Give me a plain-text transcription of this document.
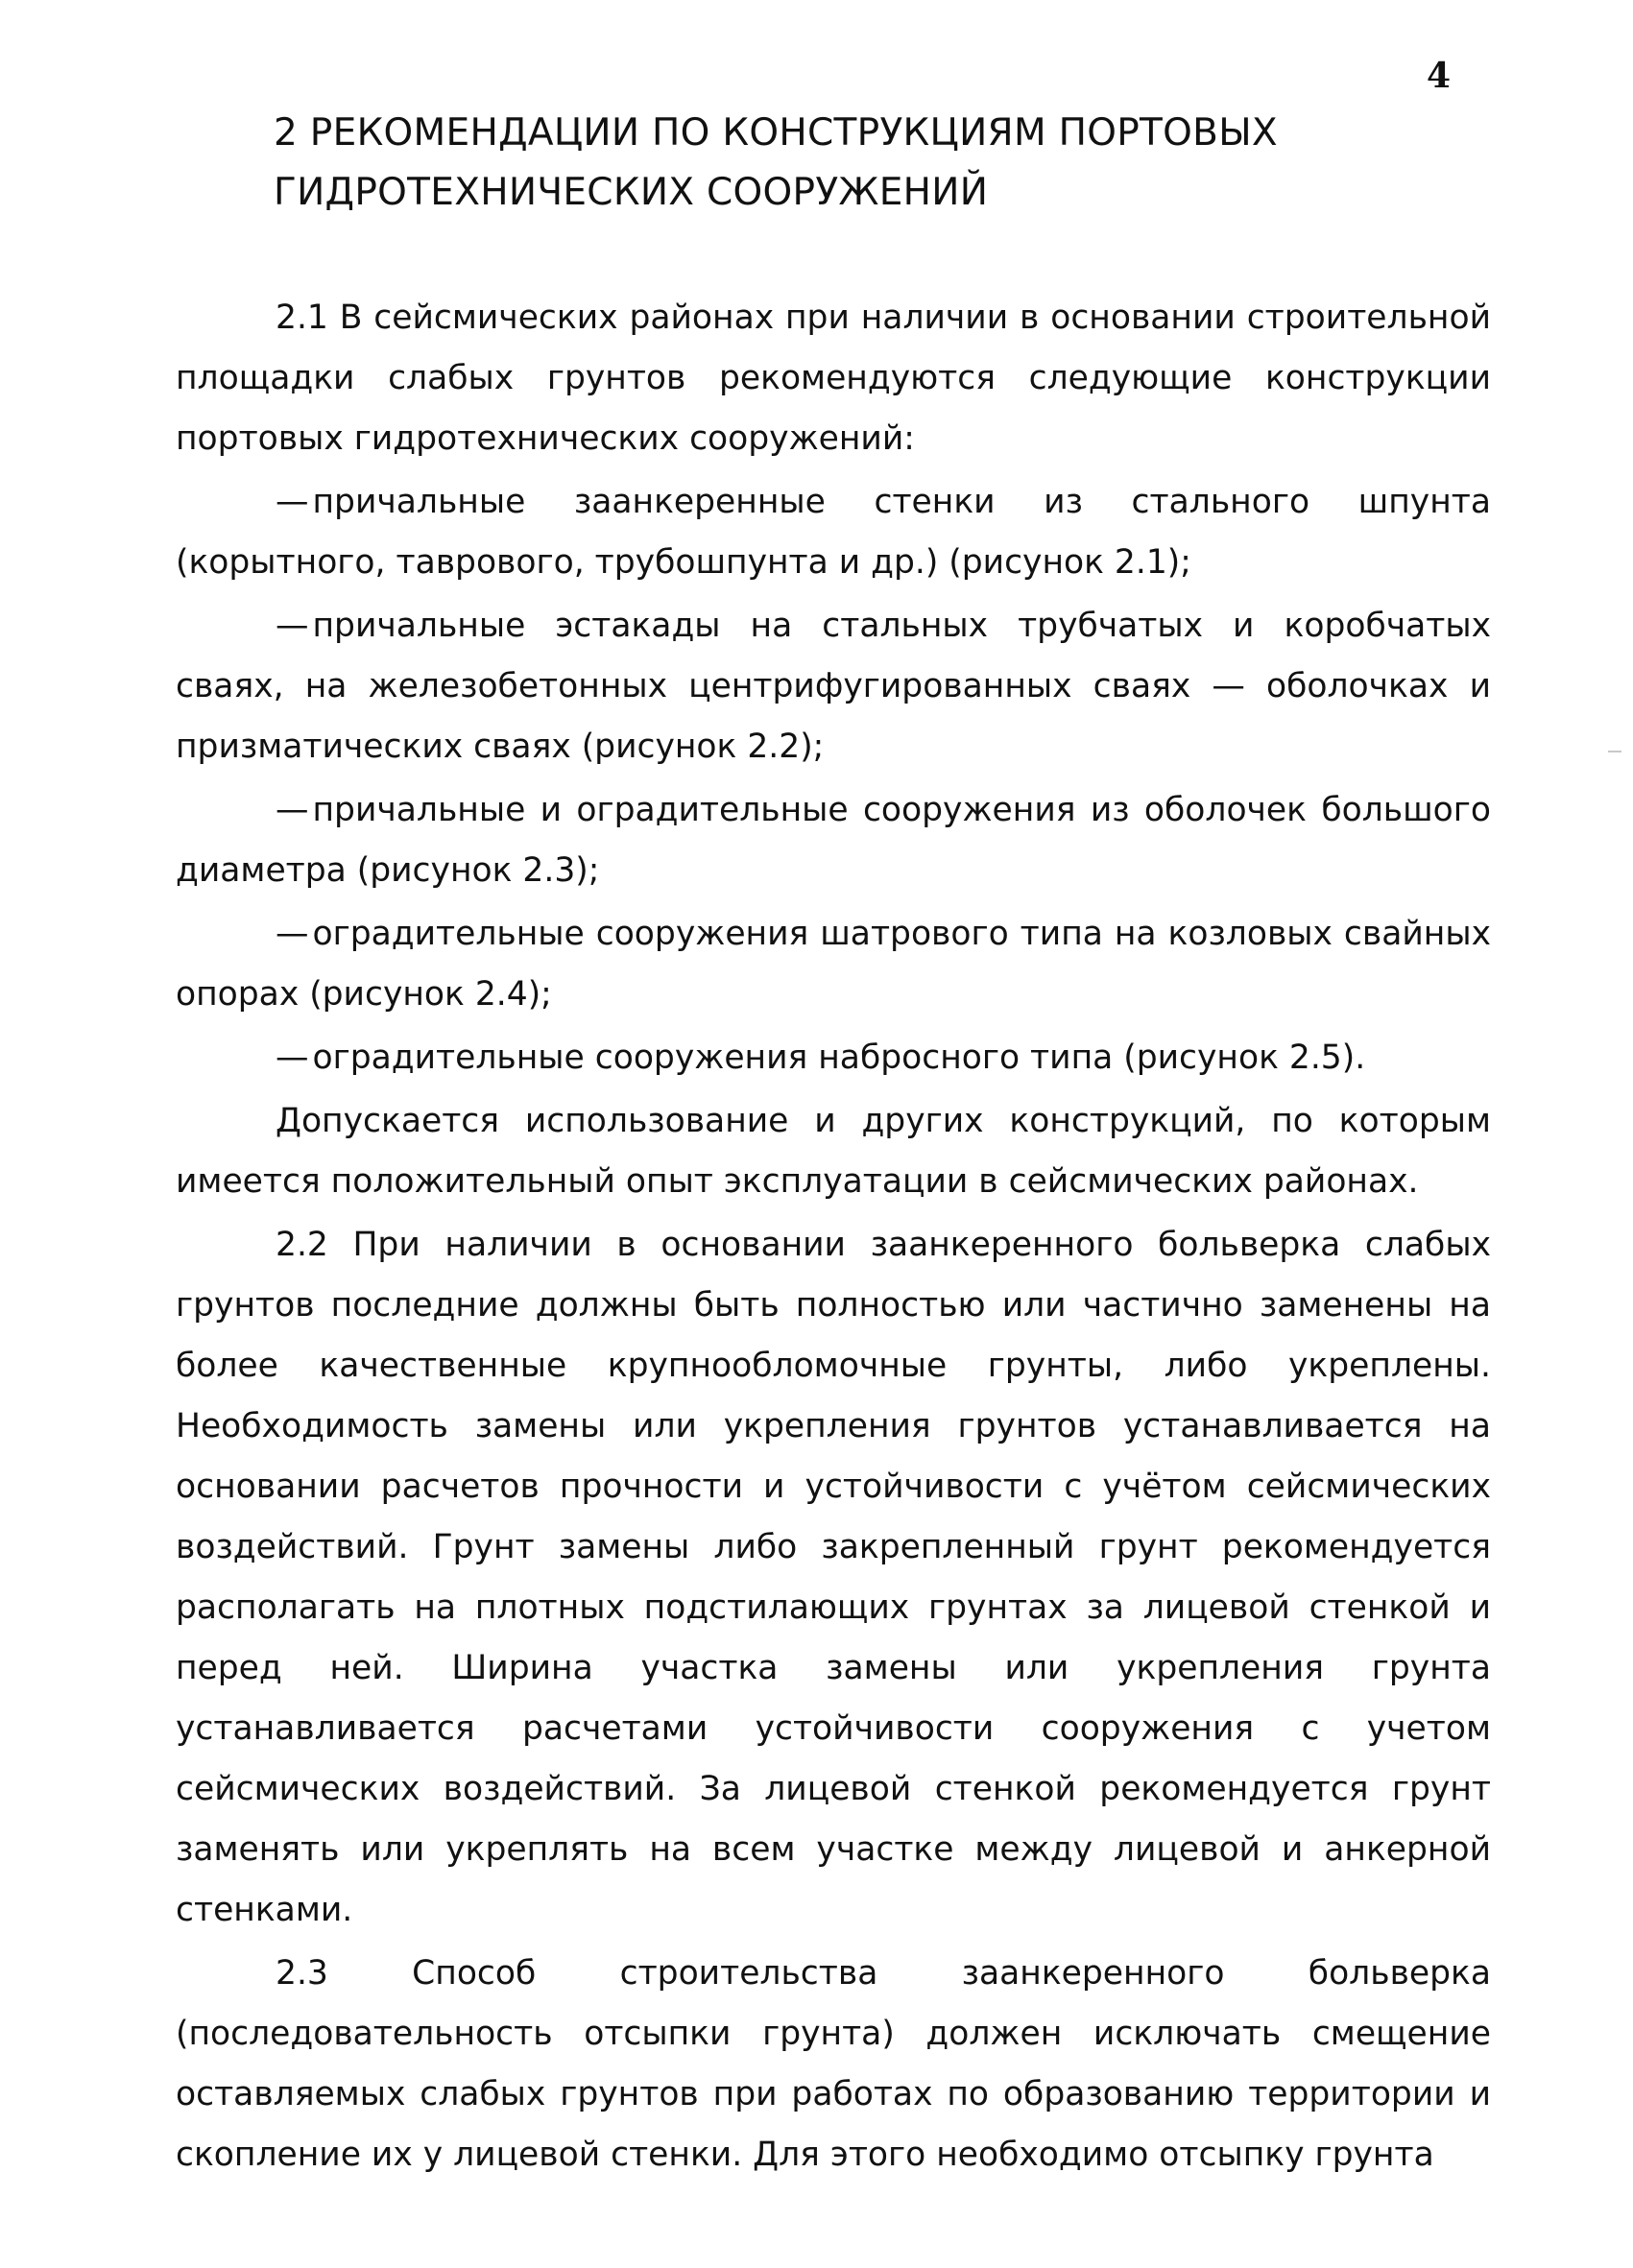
4
2 РЕКОМЕНДАЦИИ ПО КОНСТРУКЦИЯМ ПОРТОВЫХ
ГИДРОТЕХНИЧЕСКИХ СООРУЖЕНИЙ

2.1 В сейсмических районах при наличии в основании строительной площадки слабых грунтов рекомендуются следующие конструкции портовых гидротехнических сооружений:

— причальные заанкеренные стенки из стального шпунта (корытного, таврового, трубошпунта и др.) (рисунок 2.1);

— причальные эстакады на стальных трубчатых и коробчатых сваях, на железобетонных центрифугированных сваях — оболочках и призматических сваях (рисунок 2.2);

— причальные и оградительные сооружения из оболочек большого диаметра (рисунок 2.3);

— оградительные сооружения шатрового типа на козловых свайных опорах (рисунок 2.4);

— оградительные сооружения набросного типа (рисунок 2.5).

Допускается использование и других конструкций, по которым имеется положительный опыт эксплуатации в сейсмических районах.

2.2 При наличии в основании заанкеренного больверка слабых грунтов последние должны быть полностью или частично заменены на более качественные крупнообломочные грунты, либо укреплены. Необходимость замены или укрепления грунтов устанавливается на основании расчетов прочности и устойчивости с учётом сейсмических воздействий. Грунт замены либо закрепленный грунт рекомендуется располагать на плотных подстилающих грунтах за лицевой стенкой и перед ней. Ширина участка замены или укрепления грунта устанавливается расчетами устойчивости сооружения с учетом сейсмических воздействий. За лицевой стенкой рекомендуется грунт заменять или укреплять на всем участке между лицевой и анкерной стенками.

2.3 Способ строительства заанкеренного больверка (последовательность отсыпки грунта) должен исключать смещение оставляемых слабых грунтов при работах по образованию территории и скопление их у лицевой стенки. Для этого необходимо отсыпку грунта
